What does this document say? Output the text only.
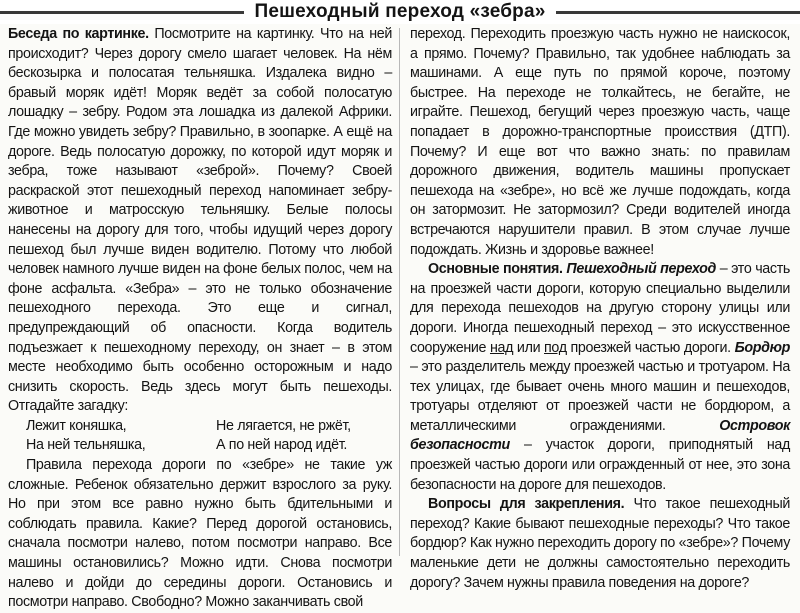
Пешеходный переход «зебра»

Беседа по картинке. Посмотрите на картинку. Что на ней происходит? Через дорогу смело шагает человек. На нём бескозырка и полосатая тельняшка. Издалека видно – бравый моряк идёт! Моряк ведёт за собой полосатую лошадку – зебру. Родом эта лошадка из далекой Африки. Где можно увидеть зебру? Правильно, в зоопарке. А ещё на дороге. Ведь полосатую дорожку, по которой идут моряк и зебра, тоже называют «зеброй». Почему? Своей раскраской этот пешеходный переход напоминает зебру-животное и матросскую тельняшку. Белые полосы нанесены на дорогу для того, чтобы идущий через дорогу пешеход был лучше виден водителю. Потому что любой человек намного лучше виден на фоне белых полос, чем на фоне асфальта. «Зебра» – это не только обозначение пешеходного перехода. Это еще и сигнал, предупреждающий об опасности. Когда водитель подъезжает к пешеходному переходу, он знает – в этом месте необходимо быть особенно осторожным и надо снизить скорость. Ведь здесь могут быть пешеходы. Отгадайте загадку:

Лежит коняшка,	Не лягается, не ржёт,
На ней тельняшка,	А по ней народ идёт.

Правила перехода дороги по «зебре» не такие уж сложные. Ребенок обязательно держит взрослого за руку. Но при этом все равно нужно быть бдительными и соблюдать правила. Какие? Перед дорогой остановись, сначала посмотри налево, потом посмотри направо. Все машины остановились? Можно идти. Снова посмотри налево и дойди до середины дороги. Остановись и посмотри направо. Свободно? Можно заканчивать свой

переход. Переходить проезжую часть нужно не наискосок, а прямо. Почему? Правильно, так удобнее наблюдать за машинами. А еще путь по прямой короче, поэтому быстрее. На переходе не толкайтесь, не бегайте, не играйте. Пешеход, бегущий через проезжую часть, чаще попадает в дорожно-транспортные происствия (ДТП). Почему? И еще вот что важно знать: по правилам дорожного движения, водитель машины пропускает пешехода на «зебре», но всё же лучше подождать, когда он затормозит. Не затормозил? Среди водителей иногда встречаются нарушители правил. В этом случае лучше подождать. Жизнь и здоровье важнее!

Основные понятия. Пешеходный переход – это часть на проезжей части дороги, которую специально выделили для перехода пешеходов на другую сторону улицы или дороги. Иногда пешеходный переход – это искусственное сооружение над или под проезжей частью дороги. Бордюр – это разделитель между проезжей частью и тротуаром. На тех улицах, где бывает очень много машин и пешеходов, тротуары отделяют от проезжей части не бордюром, а металлическими ограждениями.	Островок безопасности – участок дороги, приподнятый над проезжей частью дороги или огражденный от нее, это зона безопасности на дороге для пешеходов.

Вопросы для закрепления. Что такое пешеходный переход? Какие бывают пешеходные переходы? Что такое бордюр? Как нужно переходить дорогу по «зебре»? Почему маленькие дети не должны самостоятельно переходить дорогу? Зачем нужны правила поведения на дороге?
